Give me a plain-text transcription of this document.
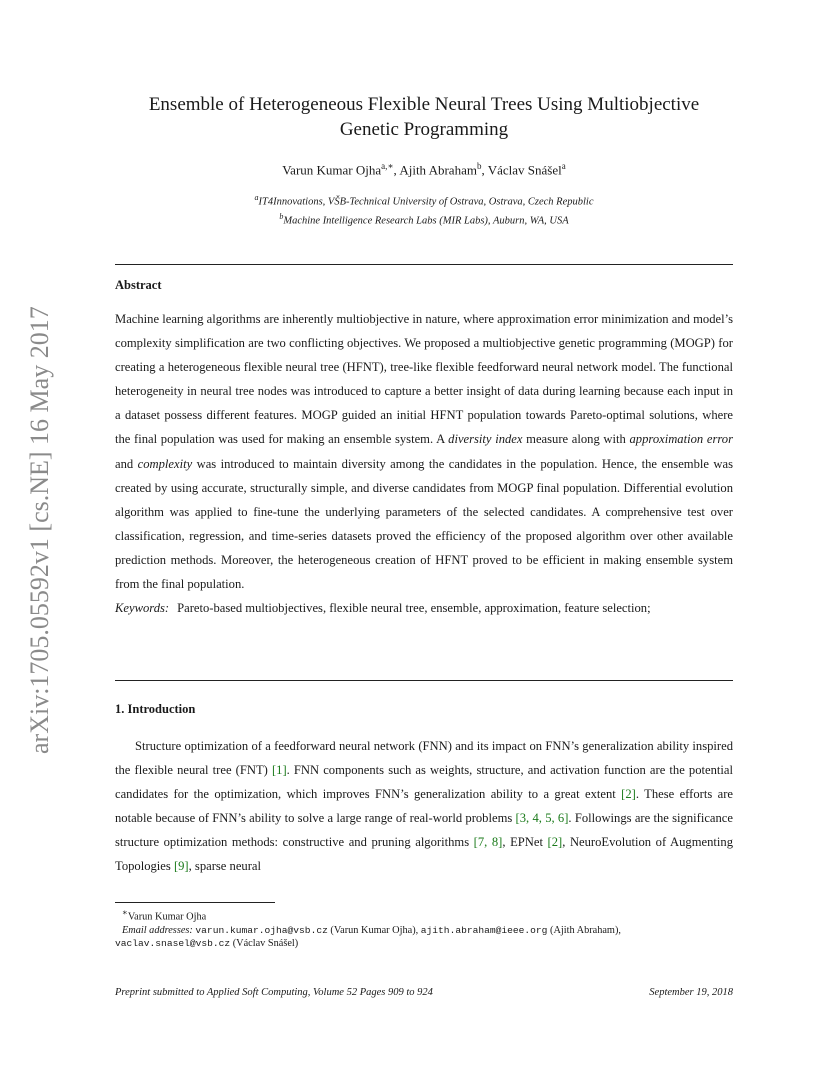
arXiv:1705.05592v1 [cs.NE] 16 May 2017
Ensemble of Heterogeneous Flexible Neural Trees Using Multiobjective
Genetic Programming
Varun Kumar Ojha$^{a,∗}$, Ajith Abraham$^b$, Václav Snášel$^a$
$^a$IT4Innovations, VŠB-Technical University of Ostrava, Ostrava, Czech Republic
$^b$Machine Intelligence Research Labs (MIR Labs), Auburn, WA, USA
Abstract

Machine learning algorithms are inherently multiobjective in nature, where approximation error minimization and model’s complexity simplification are two conflicting objectives. We proposed a multiobjective genetic programming (MOGP) for creating a heterogeneous flexible neural tree (HFNT), tree-like flexible feedforward neural network model. The functional heterogeneity in neural tree nodes was introduced to capture a better insight of data during learning because each input in a dataset possess different features. MOGP guided an initial HFNT population towards Pareto-optimal solutions, where the final population was used for making an ensemble system. A diversity index measure along with approximation error and complexity was introduced to maintain diversity among the candidates in the population. Hence, the ensemble was created by using accurate, structurally simple, and diverse candidates from MOGP final population. Differential evolution algorithm was applied to fine-tune the underlying parameters of the selected candidates. A comprehensive test over classification, regression, and time-series datasets proved the efficiency of the proposed algorithm over other available prediction methods. Moreover, the heterogeneous creation of HFNT proved to be efficient in making ensemble system from the final population.

Keywords: Pareto-based multiobjectives, flexible neural tree, ensemble, approximation, feature selection;

1. Introduction

Structure optimization of a feedforward neural network (FNN) and its impact on FNN’s generalization ability inspired the flexible neural tree (FNT) [1]. FNN components such as weights, structure, and activation function are the potential candidates for the optimization, which improves FNN’s generalization ability to a great extent [2]. These efforts are notable because of FNN’s ability to solve a large range of real-world problems [3, 4, 5, 6]. Followings are the significance structure optimization methods: constructive and pruning algorithms [7, 8], EPNet [2], NeuroEvolution of Augmenting Topologies [9], sparse neural

∗Varun Kumar Ojha

Email addresses: varun.kumar.ojha@vsb.cz (Varun Kumar Ojha), ajith.abraham@ieee.org (Ajith Abraham),

vaclav.snasel@vsb.cz (Václav Snášel)

Preprint submitted to Applied Soft Computing, Volume 52 Pages 909 to 924	September 19, 2018
